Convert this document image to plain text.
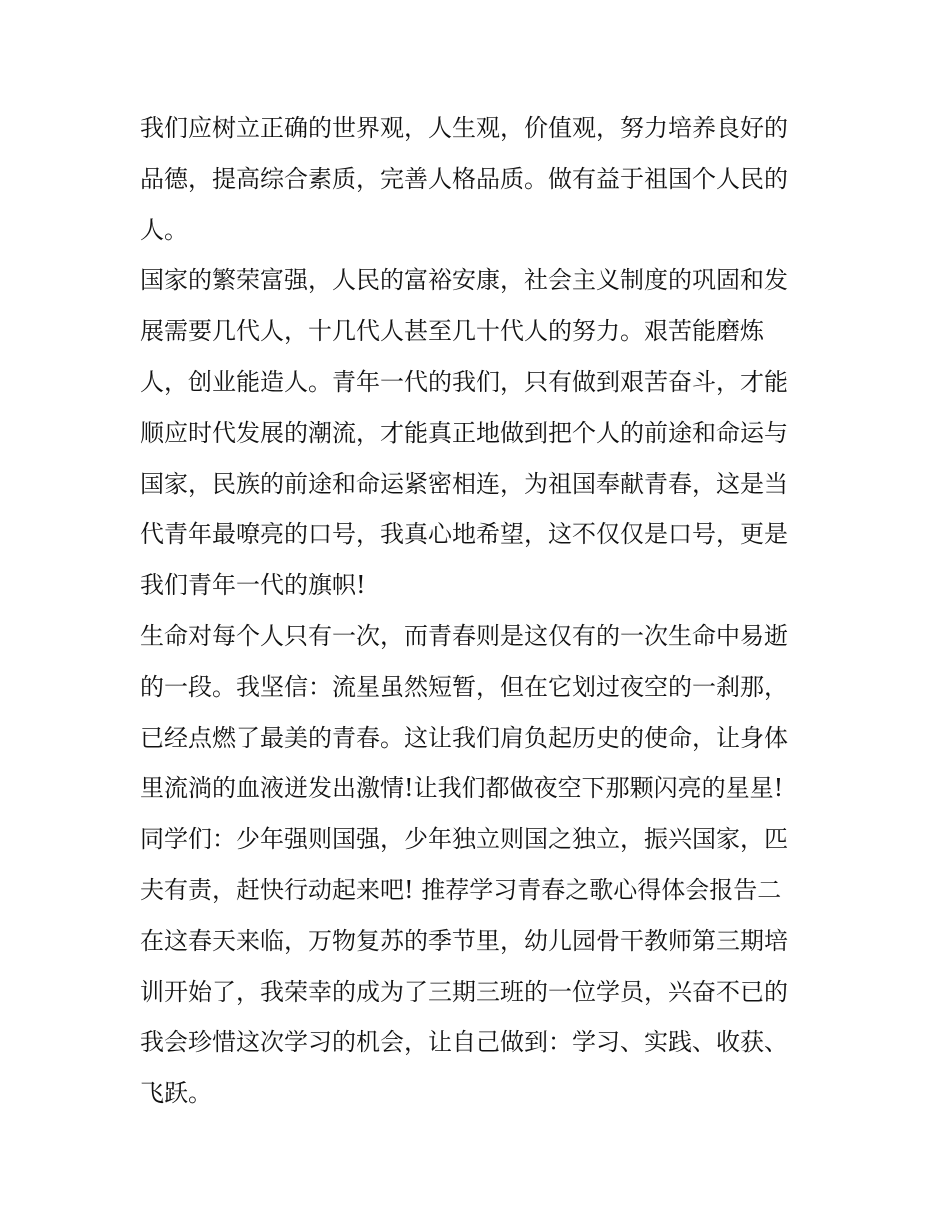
我们应树立正确的世界观，人生观，价值观，努力培养良好的
品德，提高综合素质，完善人格品质。做有益于祖国个人民的
人。
国家的繁荣富强，人民的富裕安康，社会主义制度的巩固和发
展需要几代人，十几代人甚至几十代人的努力。艰苦能磨炼
人，创业能造人。青年一代的我们，只有做到艰苦奋斗，才能
顺应时代发展的潮流，才能真正地做到把个人的前途和命运与
国家，民族的前途和命运紧密相连，为祖国奉献青春，这是当
代青年最嘹亮的口号，我真心地希望，这不仅仅是口号，更是
我们青年一代的旗帜!
生命对每个人只有一次，而青春则是这仅有的一次生命中易逝
的一段。我坚信：流星虽然短暂，但在它划过夜空的一刹那，
已经点燃了最美的青春。这让我们肩负起历史的使命，让身体
里流淌的血液迸发出激情!让我们都做夜空下那颗闪亮的星星!
同学们：少年强则国强，少年独立则国之独立，振兴国家，匹
夫有责，赶快行动起来吧! 推荐学习青春之歌心得体会报告二
在这春天来临，万物复苏的季节里，幼儿园骨干教师第三期培
训开始了，我荣幸的成为了三期三班的一位学员，兴奋不已的
我会珍惜这次学习的机会，让自己做到：学习、实践、收获、
飞跃。
